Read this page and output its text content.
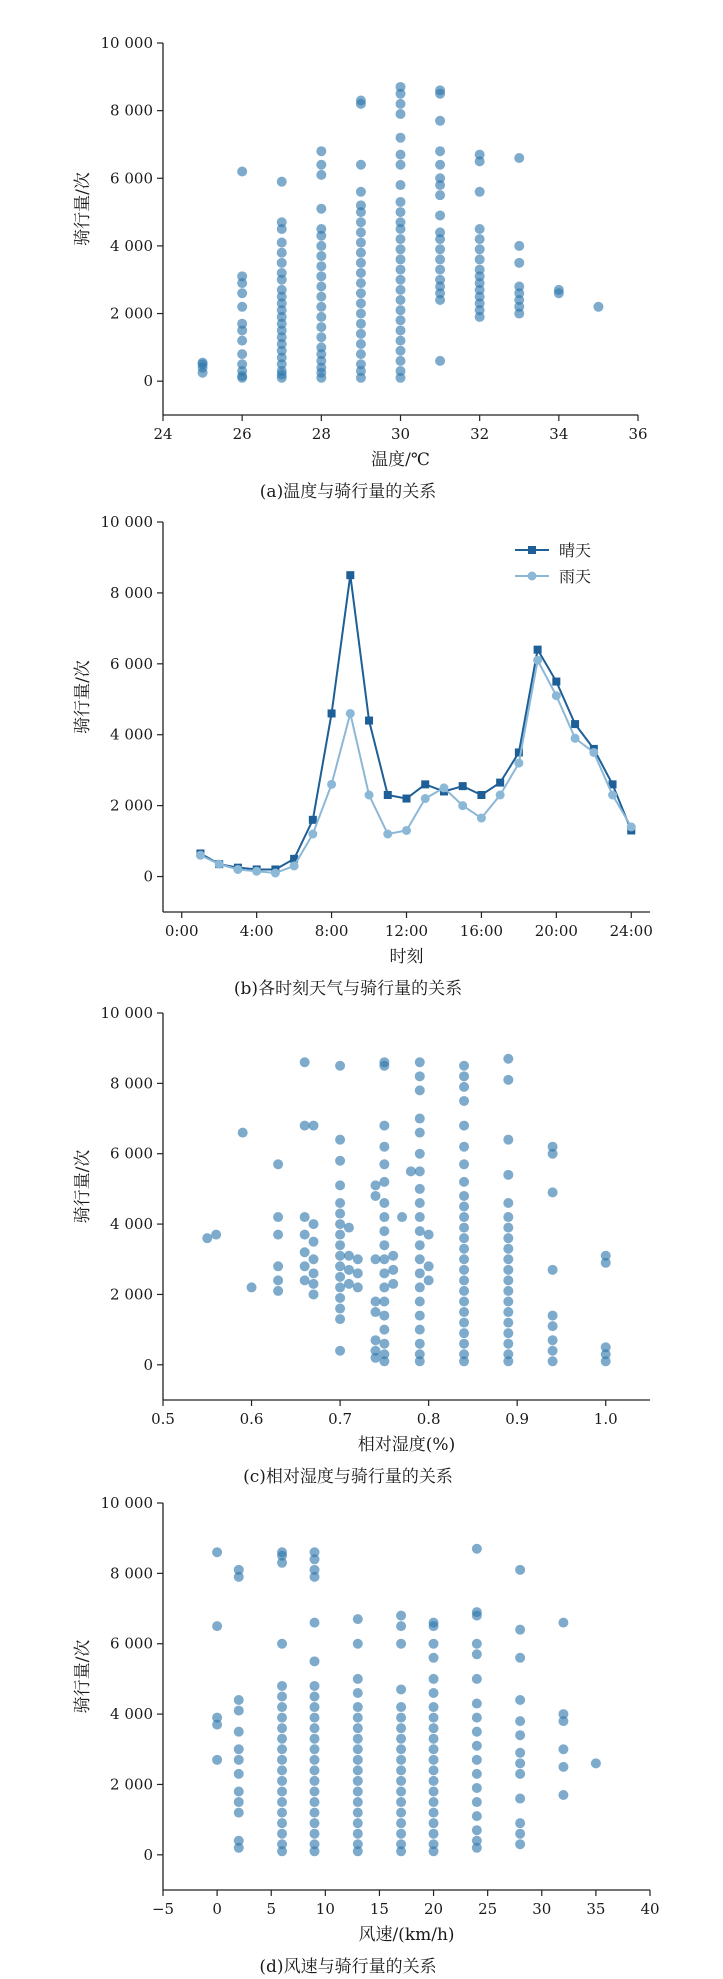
0
2 000
4 000
6 000
8 000
10 000
24	26	28	30	32	34	36
温度/℃
骑行量/次
(a)温度与骑行量的关系
0
2 000
4 000
6 000
8 000
10 000
0:00	4:00	8:00 12:00 16:00 20:00 24:00
时刻
骑行量/次
(b)各时刻天气与骑行量的关系
晴天
雨天
0
2 000
4 000
6 000
8 000
10 000
0.5	0.6	0.7	0.8	0.9	1.0
相对湿度(%)
骑行量/次
(c)相对湿度与骑行量的关系
0
2 000
4 000
6 000
8 000
10 000
−5	0	5	10 15 20 25 30 35 40
风速/(km/h)
骑行量/次
(d)风速与骑行量的关系
